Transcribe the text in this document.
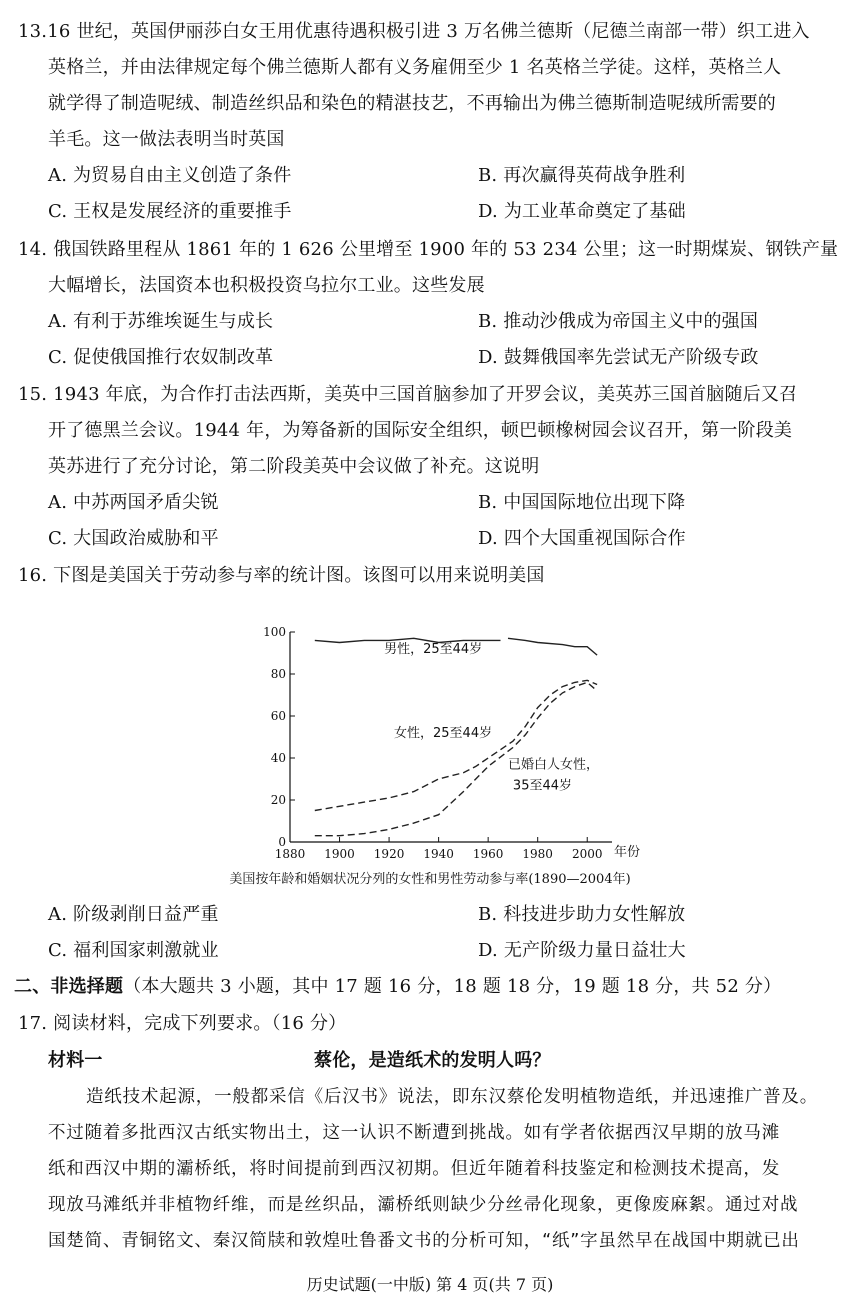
13.16 世纪，英国伊丽莎白女王用优惠待遇积极引进 3 万名佛兰德斯（尼德兰南部一带）织工进入
英格兰，并由法律规定每个佛兰德斯人都有义务雇佣至少 1 名英格兰学徒。这样，英格兰人
就学得了制造呢绒、制造丝织品和染色的精湛技艺，不再输出为佛兰德斯制造呢绒所需要的
羊毛。这一做法表明当时英国
A. 为贸易自由主义创造了条件	B. 再次赢得英荷战争胜利
C. 王权是发展经济的重要推手	D. 为工业革命奠定了基础
14. 俄国铁路里程从 1861 年的 1 626 公里增至 1900 年的 53 234 公里；这一时期煤炭、钢铁产量
大幅增长，法国资本也积极投资乌拉尔工业。这些发展
A. 有利于苏维埃诞生与成长	B. 推动沙俄成为帝国主义中的强国
C. 促使俄国推行农奴制改革	D. 鼓舞俄国率先尝试无产阶级专政
15. 1943 年底，为合作打击法西斯，美英中三国首脑参加了开罗会议，美英苏三国首脑随后又召
开了德黑兰会议。1944 年，为筹备新的国际安全组织，顿巴顿橡树园会议召开，第一阶段美
英苏进行了充分讨论，第二阶段美英中会议做了补充。这说明
A. 中苏两国矛盾尖锐	B. 中国国际地位出现下降
C. 大国政治威胁和平	D. 四个大国重视国际合作
16. 下图是美国关于劳动参与率的统计图。该图可以用来说明美国
0
20
40
60
80
100
1880 1900 1920 1940 1960 1980 2000 年份
男性，25至44岁
女性，25至44岁
已婚白人女性，
35至44岁
美国按年龄和婚姻状况分列的女性和男性劳动参与率(1890—2004年)
A. 阶级剥削日益严重	B. 科技进步助力女性解放
C. 福利国家刺激就业	D. 无产阶级力量日益壮大
二、非选择题（本大题共 3 小题，其中 17 题 16 分，18 题 18 分，19 题 18 分，共 52 分）
17. 阅读材料，完成下列要求。（16 分）
材料一	蔡伦，是造纸术的发明人吗？
造纸技术起源，一般都采信《后汉书》说法，即东汉蔡伦发明植物造纸，并迅速推广普及。
不过随着多批西汉古纸实物出土，这一认识不断遭到挑战。如有学者依据西汉早期的放马滩
纸和西汉中期的灞桥纸，将时间提前到西汉初期。但近年随着科技鉴定和检测技术提高，发
现放马滩纸并非植物纤维，而是丝织品，灞桥纸则缺少分丝帚化现象，更像废麻絮。通过对战
国楚简、青铜铭文、秦汉简牍和敦煌吐鲁番文书的分析可知，“纸”字虽然早在战国中期就已出
历史试题(一中版) 第 4 页(共 7 页)
